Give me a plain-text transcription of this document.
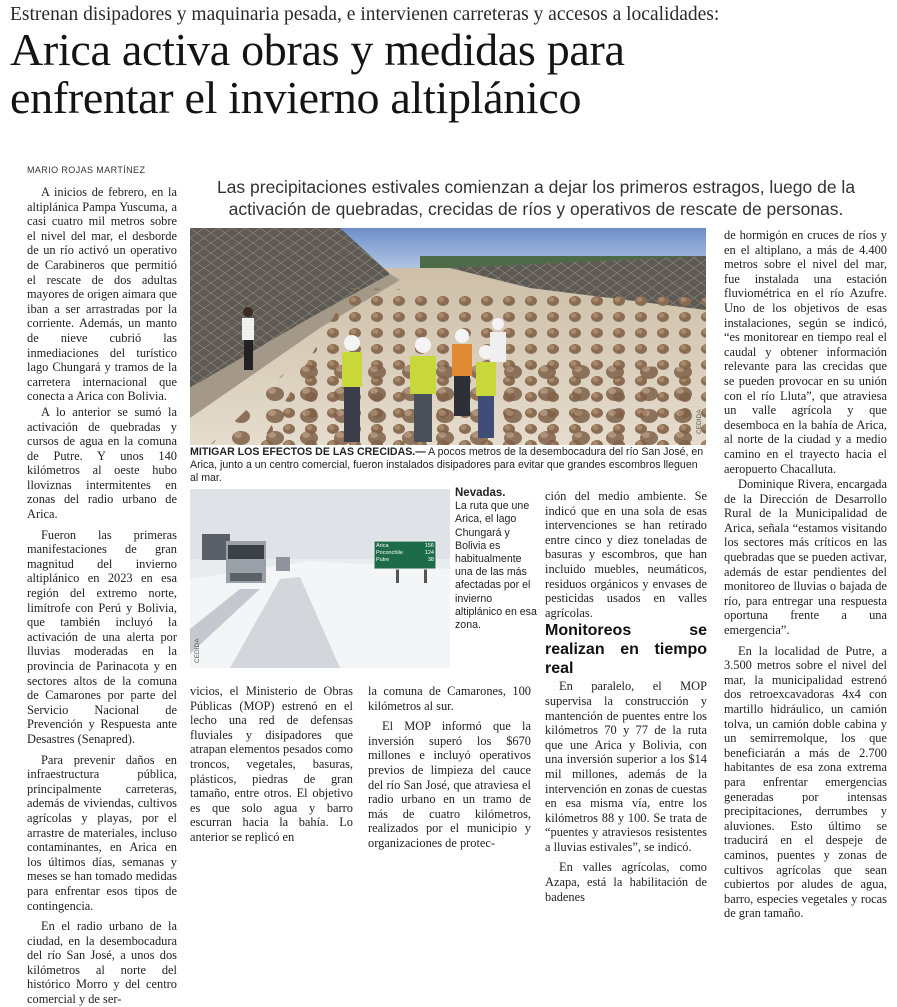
Estrenan disipadores y maquinaria pesada, e intervienen carreteras y accesos a localidades:
Arica activa obras y medidas para
enfrentar el invierno altiplánico
MARIO ROJAS MARTÍNEZ
Las precipitaciones estivales comienzan a dejar los primeros estragos, luego de la activación de quebradas, crecidas de ríos y operativos de rescate de personas.

A inicios de febrero, en la altiplánica Pampa Yuscuma, a casi cuatro mil metros sobre el nivel del mar, el desborde de un río activó un operativo de Carabineros que permitió el rescate de dos adultas mayores de origen aimara que iban a ser arrastradas por la corriente. Además, un manto de nieve cubrió las inmediaciones del turístico lago Chungará y tramos de la carretera internacional que conecta a Arica con Bolivia.

A lo anterior se sumó la activación de quebradas y cursos de agua en la comuna de Putre. Y unos 140 kilómetros al oeste hubo lloviznas intermitentes en zonas del radio urbano de Arica.

Fueron las primeras manifestaciones de gran magnitud del invierno altiplánico en 2023 en esa región del extremo norte, limítrofe con Perú y Bolivia, que también incluyó la activación de una alerta por lluvias moderadas en la provincia de Parinacota y en sectores altos de la comuna de Camarones por parte del Servicio Nacional de Prevención y Respuesta ante Desastres (Senapred).

Para prevenir daños en infraestructura pública, principalmente carreteras, además de viviendas, cultivos agrícolas y playas, por el arrastre de materiales, incluso contaminantes, en Arica en los últimos días, semanas y meses se han tomado medidas para enfrentar esos tipos de contingencia.

En el radio urbano de la ciudad, en la desembocadura del río San José, a unos dos kilómetros al norte del histórico Morro y del centro comercial y de ser-

CEDIDA
MITIGAR LOS EFECTOS DE LAS CRECIDAS.— A pocos metros de la desembocadura del río San José, en Arica, junto a un centro comercial, fueron instalados disipadores para evitar que grandes escombros lleguen al mar.
Arica	156
Poconchile	124
Putre	38
CEDIDA
Nevadas.
La ruta que une Arica, el lago Chungará y Bolivia es habitualmente una de las más afectadas por el invierno altiplánico en esa zona.

vicios, el Ministerio de Obras Públicas (MOP) estrenó en el lecho una red de defensas fluviales y disipadores que atrapan elementos pesados como troncos, vegetales, basuras, plásticos, piedras de gran tamaño, entre otros. El objetivo es que solo agua y barro escurran hacia la bahía. Lo anterior se replicó en

la comuna de Camarones, 100 kilómetros al sur.

El MOP informó que la inversión superó los $670 millones e incluyó operativos previos de limpieza del cauce del río San José, que atraviesa el radio urbano en un tramo de más de cuatro kilómetros, realizados por el municipio y organizaciones de protec-

ción del medio ambiente. Se indicó que en una sola de esas intervenciones se han retirado entre cinco y diez toneladas de basuras y escombros, que han incluido muebles, neumáticos, residuos orgánicos y envases de pesticidas usados en valles agrícolas.

Monitoreos se realizan en tiempo real

En paralelo, el MOP supervisa la construcción y mantención de puentes entre los kilómetros 70 y 77 de la ruta que une Arica y Bolivia, con una inversión superior a los $14 mil millones, además de la intervención en zonas de cuestas en esa misma vía, entre los kilómetros 88 y 100. Se trata de “puentes y atraviesos resistentes a lluvias estivales”, se indicó.

En valles agrícolas, como Azapa, está la habilitación de badenes

de hormigón en cruces de ríos y en el altiplano, a más de 4.400 metros sobre el nivel del mar, fue instalada una estación fluviométrica en el río Azufre. Uno de los objetivos de esas instalaciones, según se indicó, “es monitorear en tiempo real el caudal y obtener información relevante para las crecidas que se pueden provocar en su unión con el río Lluta”, que atraviesa un valle agrícola y que desemboca en la bahía de Arica, al norte de la ciudad y a medio camino en el trayecto hacia el aeropuerto Chacalluta.

Dominique Rivera, encargada de la Dirección de Desarrollo Rural de la Municipalidad de Arica, señala “estamos visitando los sectores más críticos en las quebradas que se pueden activar, además de estar pendientes del monitoreo de lluvias o bajada de río, para entregar una respuesta oportuna frente a una emergencia”.

En la localidad de Putre, a 3.500 metros sobre el nivel del mar, la municipalidad estrenó dos retroexcavadoras 4x4 con martillo hidráulico, un camión tolva, un camión doble cabina y un semirremolque, los que beneficiarán a más de 2.700 habitantes de esa zona extrema para enfrentar emergencias generadas por intensas precipitaciones, derrumbes y aluviones. Esto último se traducirá en el despeje de caminos, puentes y zonas de cultivos agrícolas que sean cubiertos por aludes de agua, barro, especies vegetales y rocas de gran tamaño.
